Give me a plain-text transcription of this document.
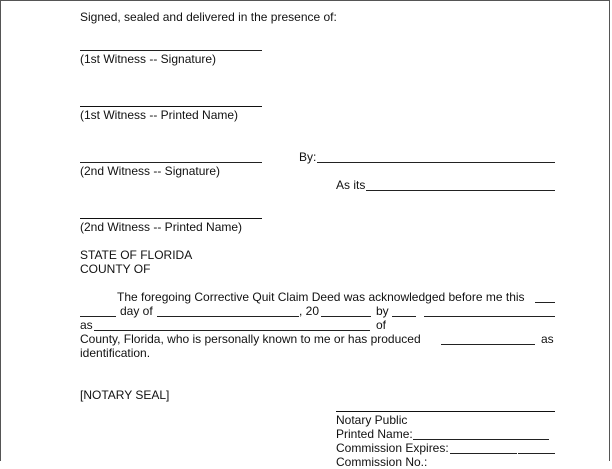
Signed, sealed and delivered in the presence of:
(1st Witness -- Signature)
(1st Witness -- Printed Name)
(2nd Witness -- Signature)
By:
As its
(2nd Witness -- Printed Name)
STATE OF FLORIDA
COUNTY OF
The foregoing Corrective Quit Claim Deed was acknowledged before me this
day of	, 20	by
as	of
County, Florida, who is personally known to me or has produced	as
identification.
[NOTARY SEAL]
Notary Public
Printed Name:
Commission Expires:
Commission No.:
